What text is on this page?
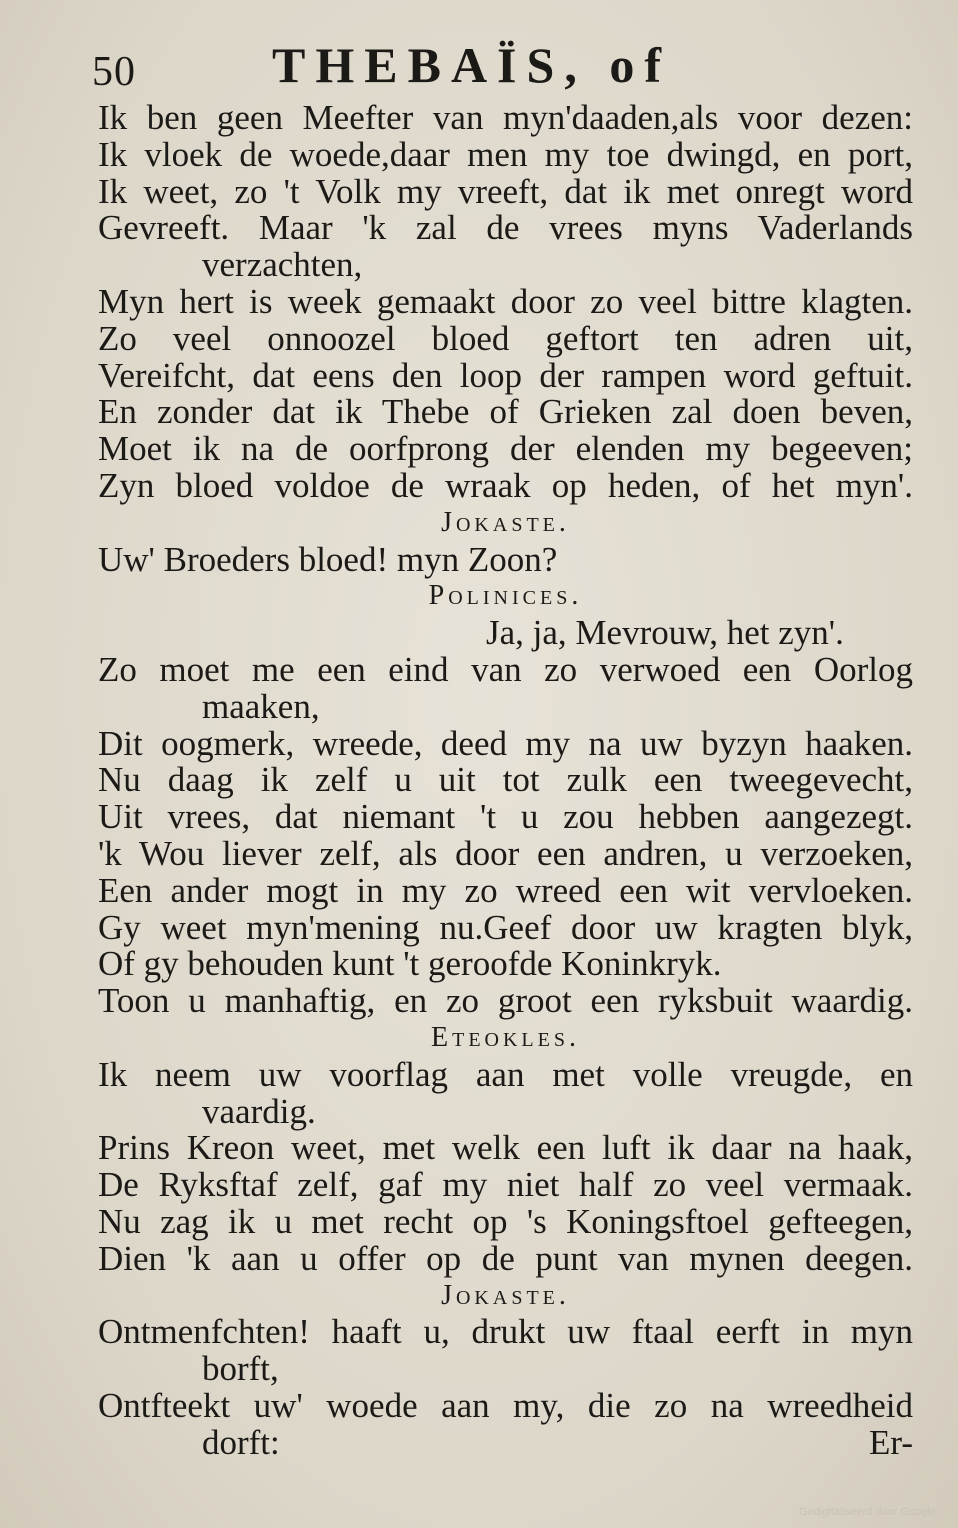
50	THEBAÏS, of
Ik ben geen Meefter van myn'daaden,als voor dezen:
Ik vloek de woede,daar men my toe dwingd, en port,
Ik weet, zo 't Volk my vreeft, dat ik met onregt word
Gevreeft. Maar 'k zal de vrees myns Vaderlands
verzachten,
Myn hert is week gemaakt door zo veel bittre klagten.
Zo veel onnoozel bloed geftort ten adren uit,
Vereifcht, dat eens den loop der rampen word geftuit.
En zonder dat ik Thebe of Grieken zal doen beven,
Moet ik na de oorfprong der elenden my begeeven;
Zyn bloed voldoe de wraak op heden, of het myn'.
Jokaste.
Uw' Broeders bloed! myn Zoon?
Polinices.
Ja, ja, Mevrouw, het zyn'.
Zo moet me een eind van zo verwoed een Oorlog
maaken,
Dit oogmerk, wreede, deed my na uw byzyn haaken.
Nu daag ik zelf u uit tot zulk een tweegevecht,
Uit vrees, dat niemant 't u zou hebben aangezegt.
'k Wou liever zelf, als door een andren, u verzoeken,
Een ander mogt in my zo wreed een wit vervloeken.
Gy weet myn'mening nu.Geef door uw kragten blyk,
Of gy behouden kunt 't geroofde Koninkryk.
Toon u manhaftig, en zo groot een ryksbuit waardig.
Eteokles.
Ik neem uw voorflag aan met volle vreugde, en
vaardig.
Prins Kreon weet, met welk een luft ik daar na haak,
De Ryksftaf zelf, gaf my niet half zo veel vermaak.
Nu zag ik u met recht op 's Koningsftoel gefteegen,
Dien 'k aan u offer op de punt van mynen deegen.
Jokaste.
Ontmenfchten! haaft u, drukt uw ftaal eerft in myn
borft,
Ontfteekt uw' woede aan my, die zo na wreedheid
dorft:	Er-
Gedigitaliseerd door Google
